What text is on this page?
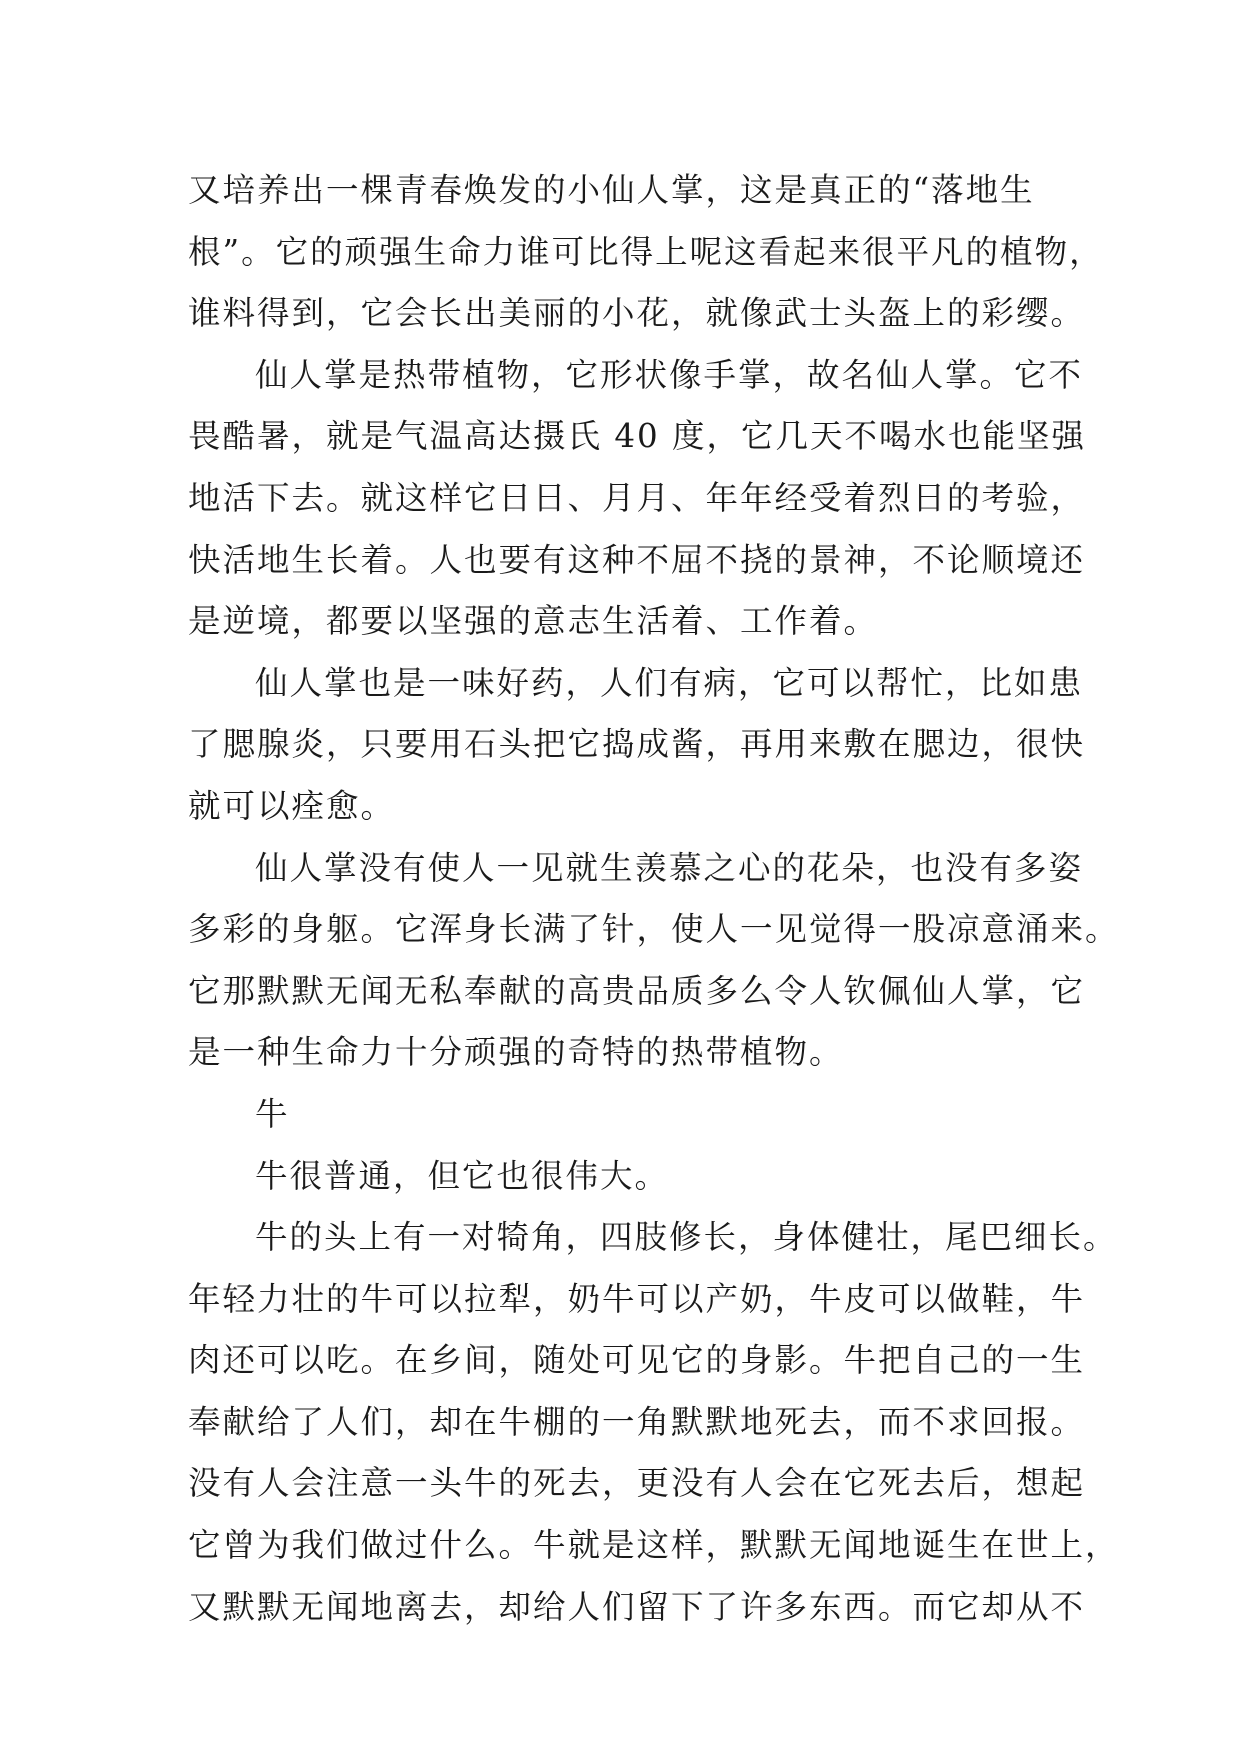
又培养出一棵青春焕发的小仙人掌，这是真正的“落地生
根”。它的顽强生命力谁可比得上呢这看起来很平凡的植物，
谁料得到，它会长出美丽的小花，就像武士头盔上的彩缨。
仙人掌是热带植物，它形状像手掌，故名仙人掌。它不
畏酷暑，就是气温高达摄氏 40 度，它几天不喝水也能坚强
地活下去。就这样它日日、月月、年年经受着烈日的考验，
快活地生长着。人也要有这种不屈不挠的景神，不论顺境还
是逆境，都要以坚强的意志生活着、工作着。
仙人掌也是一味好药，人们有病，它可以帮忙，比如患
了腮腺炎，只要用石头把它捣成酱，再用来敷在腮边，很快
就可以痊愈。
仙人掌没有使人一见就生羡慕之心的花朵，也没有多姿
多彩的身躯。它浑身长满了针，使人一见觉得一股凉意涌来。
它那默默无闻无私奉献的高贵品质多么令人钦佩仙人掌，它
是一种生命力十分顽强的奇特的热带植物。
牛
牛很普通，但它也很伟大。
牛的头上有一对犄角，四肢修长，身体健壮，尾巴细长。
年轻力壮的牛可以拉犁，奶牛可以产奶，牛皮可以做鞋，牛
肉还可以吃。在乡间，随处可见它的身影。牛把自己的一生
奉献给了人们，却在牛棚的一角默默地死去，而不求回报。
没有人会注意一头牛的死去，更没有人会在它死去后，想起
它曾为我们做过什么。牛就是这样，默默无闻地诞生在世上，
又默默无闻地离去，却给人们留下了许多东西。而它却从不
